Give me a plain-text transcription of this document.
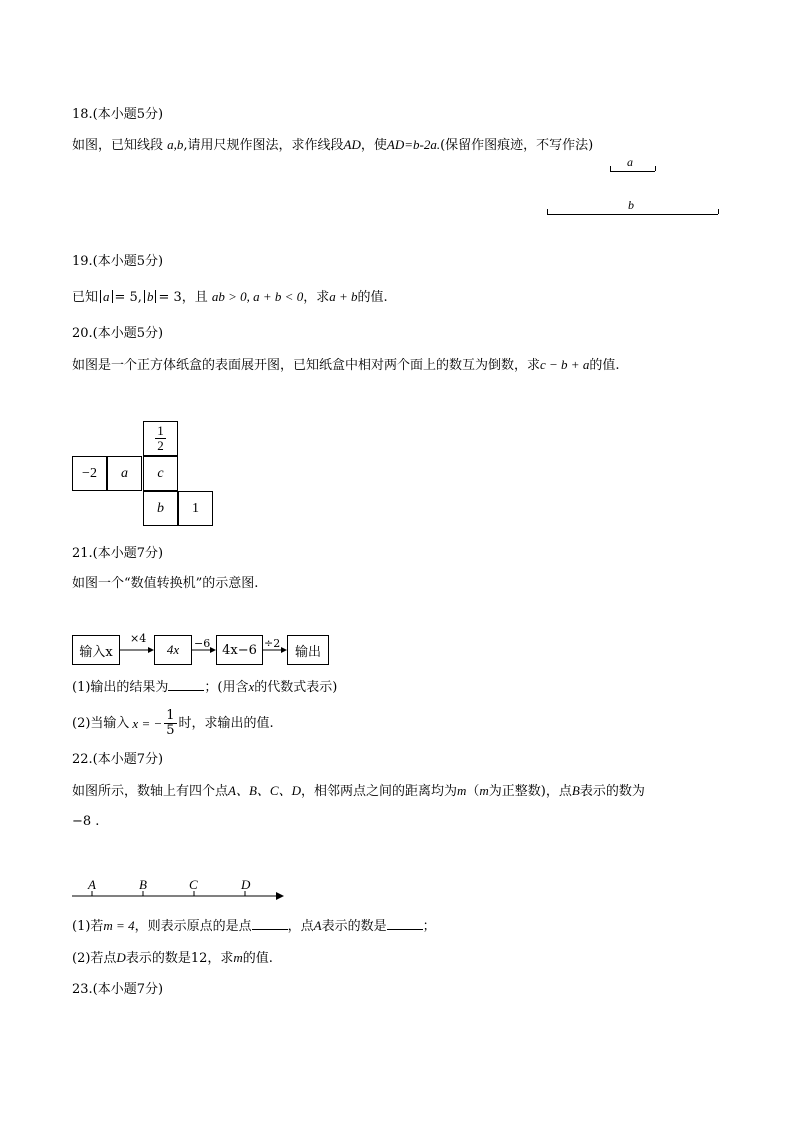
18.(本小题5分)
如图，已知线段 a,b,请用尺规作图法，求作线段AD，使AD=b-2a.(保留作图痕迹，不写作法)
a
b
19.(本小题5分)
已知 a = 5, b = 3，且 ab > 0, a + b < 0，求a + b的值.
20.(本小题5分)
如图是一个正方体纸盒的表面展开图，已知纸盒中相对两个面上的数互为倒数，求c − b + a的值.
$\frac{1}{2}$
−2	a	c
b	1
21.(本小题7分)
如图一个“数值转换机”的示意图.
输入x
×4
4x	−6 4x−6 ÷2
输出
(1)输出的结果为	；(用含x的代数式表示)
(2)当输入 x = − $\frac{1}{5}$ 时，求输出的值.
22.(本小题7分)
如图所示，数轴上有四个点A、B、C、D，相邻两点之间的距离均为m（m为正整数)，点B表示的数为
−8 .
A	B	C	D
(1)若m = 4，则表示原点的是点	，点A表示的数是	；
(2)若点D表示的数是12，求m的值.
23.(本小题7分)
